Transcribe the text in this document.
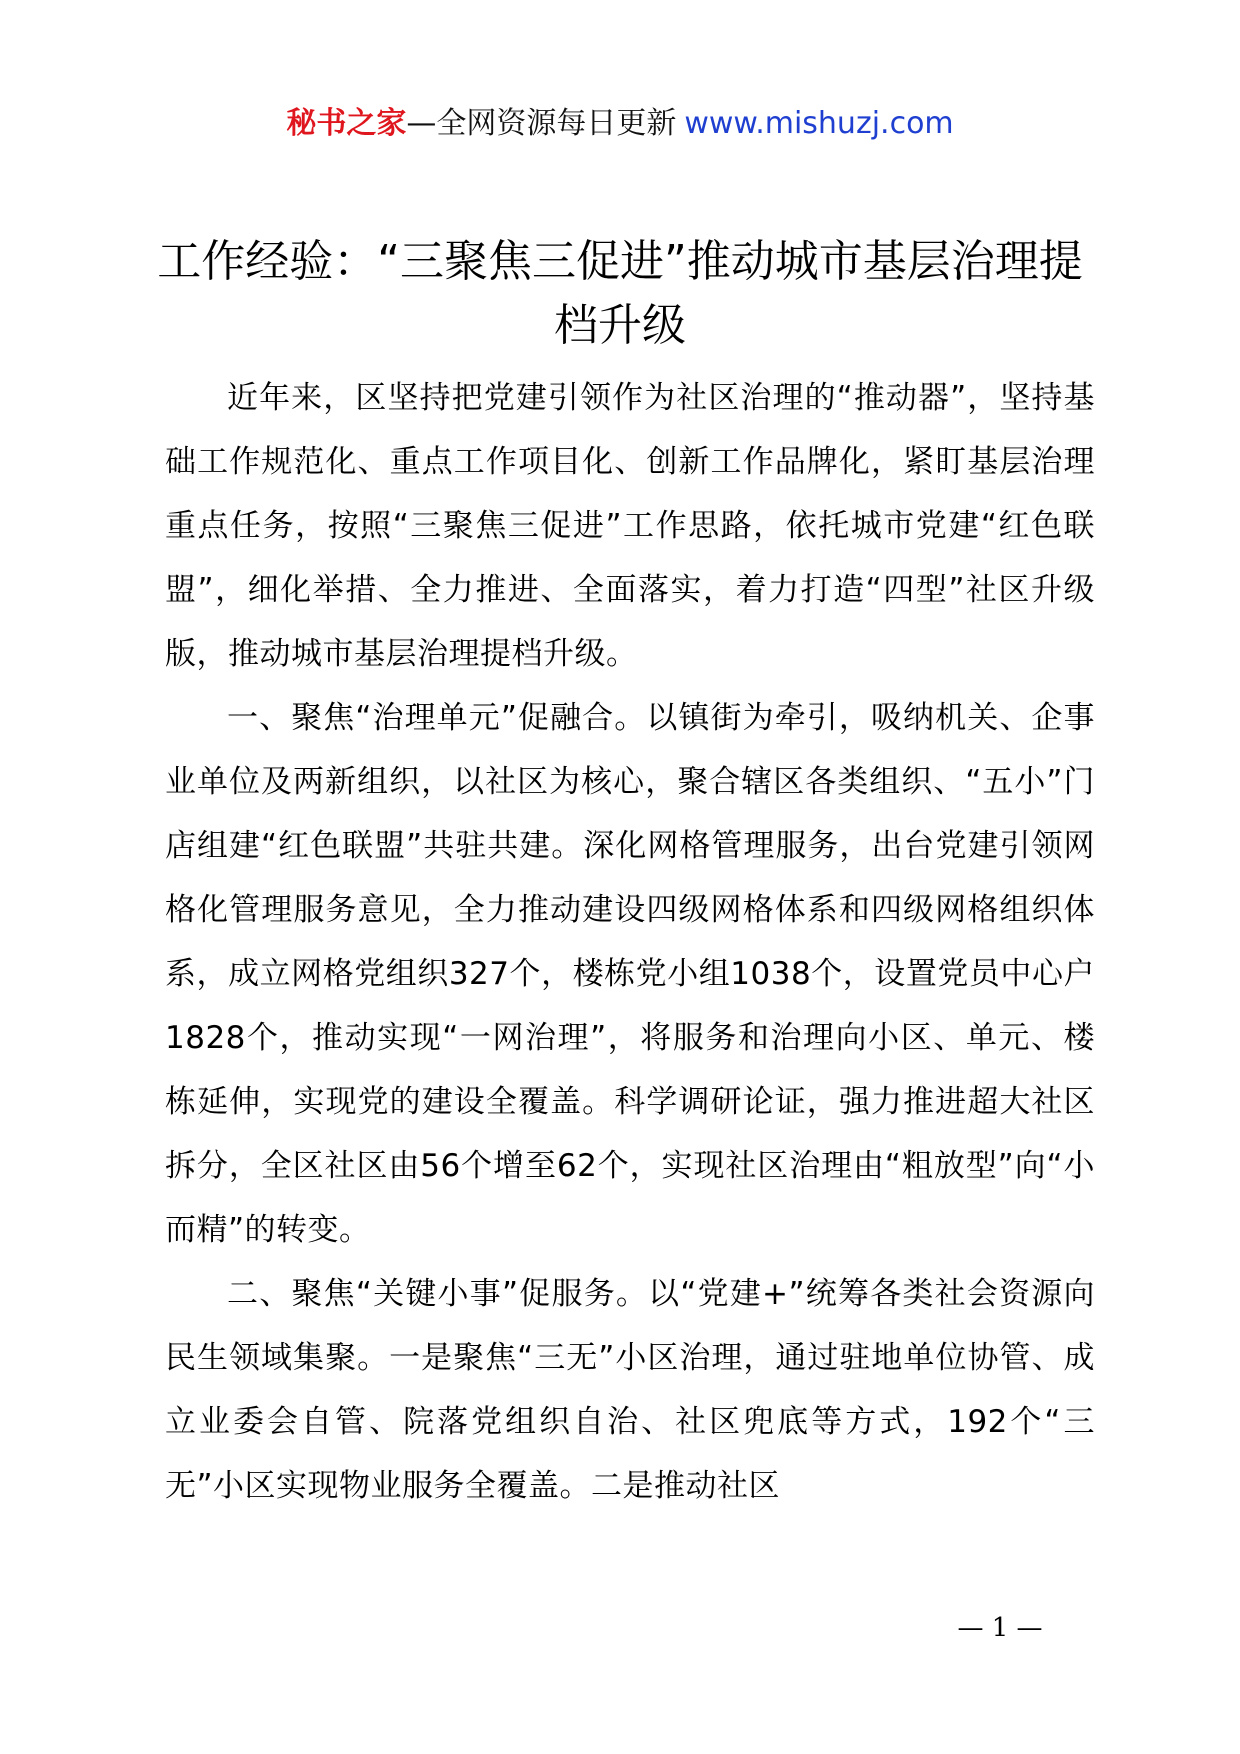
秘书之家—全网资源每日更新 www.mishuzj.com
工作经验：“三聚焦三促进”推动城市基层治理提档升级

近年来，区坚持把党建引领作为社区治理的“推动器”，坚持基础工作规范化、重点工作项目化、创新工作品牌化，紧盯基层治理重点任务，按照“三聚焦三促进”工作思路，依托城市党建“红色联盟”，细化举措、全力推进、全面落实，着力打造“四型”社区升级版，推动城市基层治理提档升级。

一、聚焦“治理单元”促融合。以镇街为牵引，吸纳机关、企事业单位及两新组织，以社区为核心，聚合辖区各类组织、“五小”门店组建“红色联盟”共驻共建。深化网格管理服务，出台党建引领网格化管理服务意见，全力推动建设四级网格体系和四级网格组织体系，成立网格党组织327个，楼栋党小组1038个，设置党员中心户1828个，推动实现“一网治理”，将服务和治理向小区、单元、楼栋延伸，实现党的建设全覆盖。科学调研论证，强力推进超大社区拆分，全区社区由56个增至62个，实现社区治理由“粗放型”向“小而精”的转变。

二、聚焦“关键小事”促服务。以“党建+”统筹各类社会资源向民生领域集聚。一是聚焦“三无”小区治理，通过驻地单位协管、成立业委会自管、院落党组织自治、社区兜底等方式，192个“三无”小区实现物业服务全覆盖。二是推动社区

— 1 —
